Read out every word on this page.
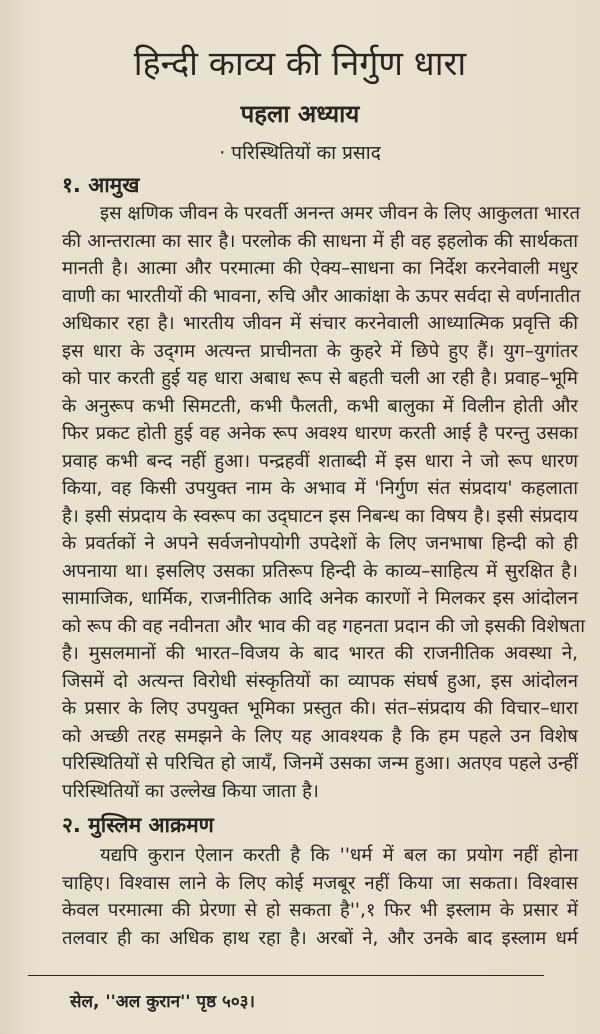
हिन्दी काव्य की निर्गुण धारा
पहला अध्याय
· परिस्थितियों का प्रसाद
१. आमुख
इस क्षणिक जीवन के परवर्ती अनन्त अमर जीवन के लिए आकुलता भारत
की आन्तरात्मा का सार है। परलोक की साधना में ही वह इहलोक की सार्थकता
मानती है। आत्मा और परमात्मा की ऐक्य–साधना का निर्देश करनेवाली मधुर
वाणी का भारतीयों की भावना, रुचि और आकांक्षा के ऊपर सर्वदा से वर्णनातीत
अधिकार रहा है। भारतीय जीवन में संचार करनेवाली आध्यात्मिक प्रवृत्ति की
इस धारा के उद्‌गम अत्यन्त प्राचीनता के कुहरे में छिपे हुए हैं। युग–युगांतर
को पार करती हुई यह धारा अबाध रूप से बहती चली आ रही है। प्रवाह–भूमि
के अनुरूप कभी सिमटती, कभी फैलती, कभी बालुका में विलीन होती और
फिर प्रकट होती हुई वह अनेक रूप अवश्य धारण करती आई है परन्तु उसका
प्रवाह कभी बन्द नहीं हुआ। पन्द्रहवीं शताब्दी में इस धारा ने जो रूप धारण
किया, वह किसी उपयुक्त नाम के अभाव में 'निर्गुण संत संप्रदाय' कहलाता
है। इसी संप्रदाय के स्वरूप का उद्‌घाटन इस निबन्ध का विषय है। इसी संप्रदाय
के प्रवर्तकों ने अपने सर्वजनोपयोगी उपदेशों के लिए जनभाषा हिन्दी को ही
अपनाया था। इसलिए उसका प्रतिरूप हिन्दी के काव्य–साहित्य में सुरक्षित है।
सामाजिक, धार्मिक, राजनीतिक आदि अनेक कारणों ने मिलकर इस आंदोलन
को रूप की वह नवीनता और भाव की वह गहनता प्रदान की जो इसकी विशेषता
है। मुसलमानों की भारत–विजय के बाद भारत की राजनीतिक अवस्था ने,
जिसमें दो अत्यन्त विरोधी संस्कृतियों का व्यापक संघर्ष हुआ, इस आंदोलन
के प्रसार के लिए उपयुक्त भूमिका प्रस्तुत की। संत–संप्रदाय की विचार–धारा
को अच्छी तरह समझने के लिए यह आवश्यक है कि हम पहले उन विशेष
परिस्थितियों से परिचित हो जायँ, जिनमें उसका जन्म हुआ। अतएव पहले उन्हीं
परिस्थितियों का उल्लेख किया जाता है।
२. मुस्लिम आक्रमण
यद्यपि कुरान ऐलान करती है कि ''धर्म में बल का प्रयोग नहीं होना
चाहिए। विश्वास लाने के लिए कोई मजबूर नहीं किया जा सकता। विश्वास
केवल परमात्मा की प्रेरणा से हो सकता है'',१ फिर भी इस्लाम के प्रसार में
तलवार ही का अधिक हाथ रहा है। अरबों ने, और उनके बाद इस्लाम धर्म
सेल, ''अल कुरान'' पृष्ठ ५०३।
